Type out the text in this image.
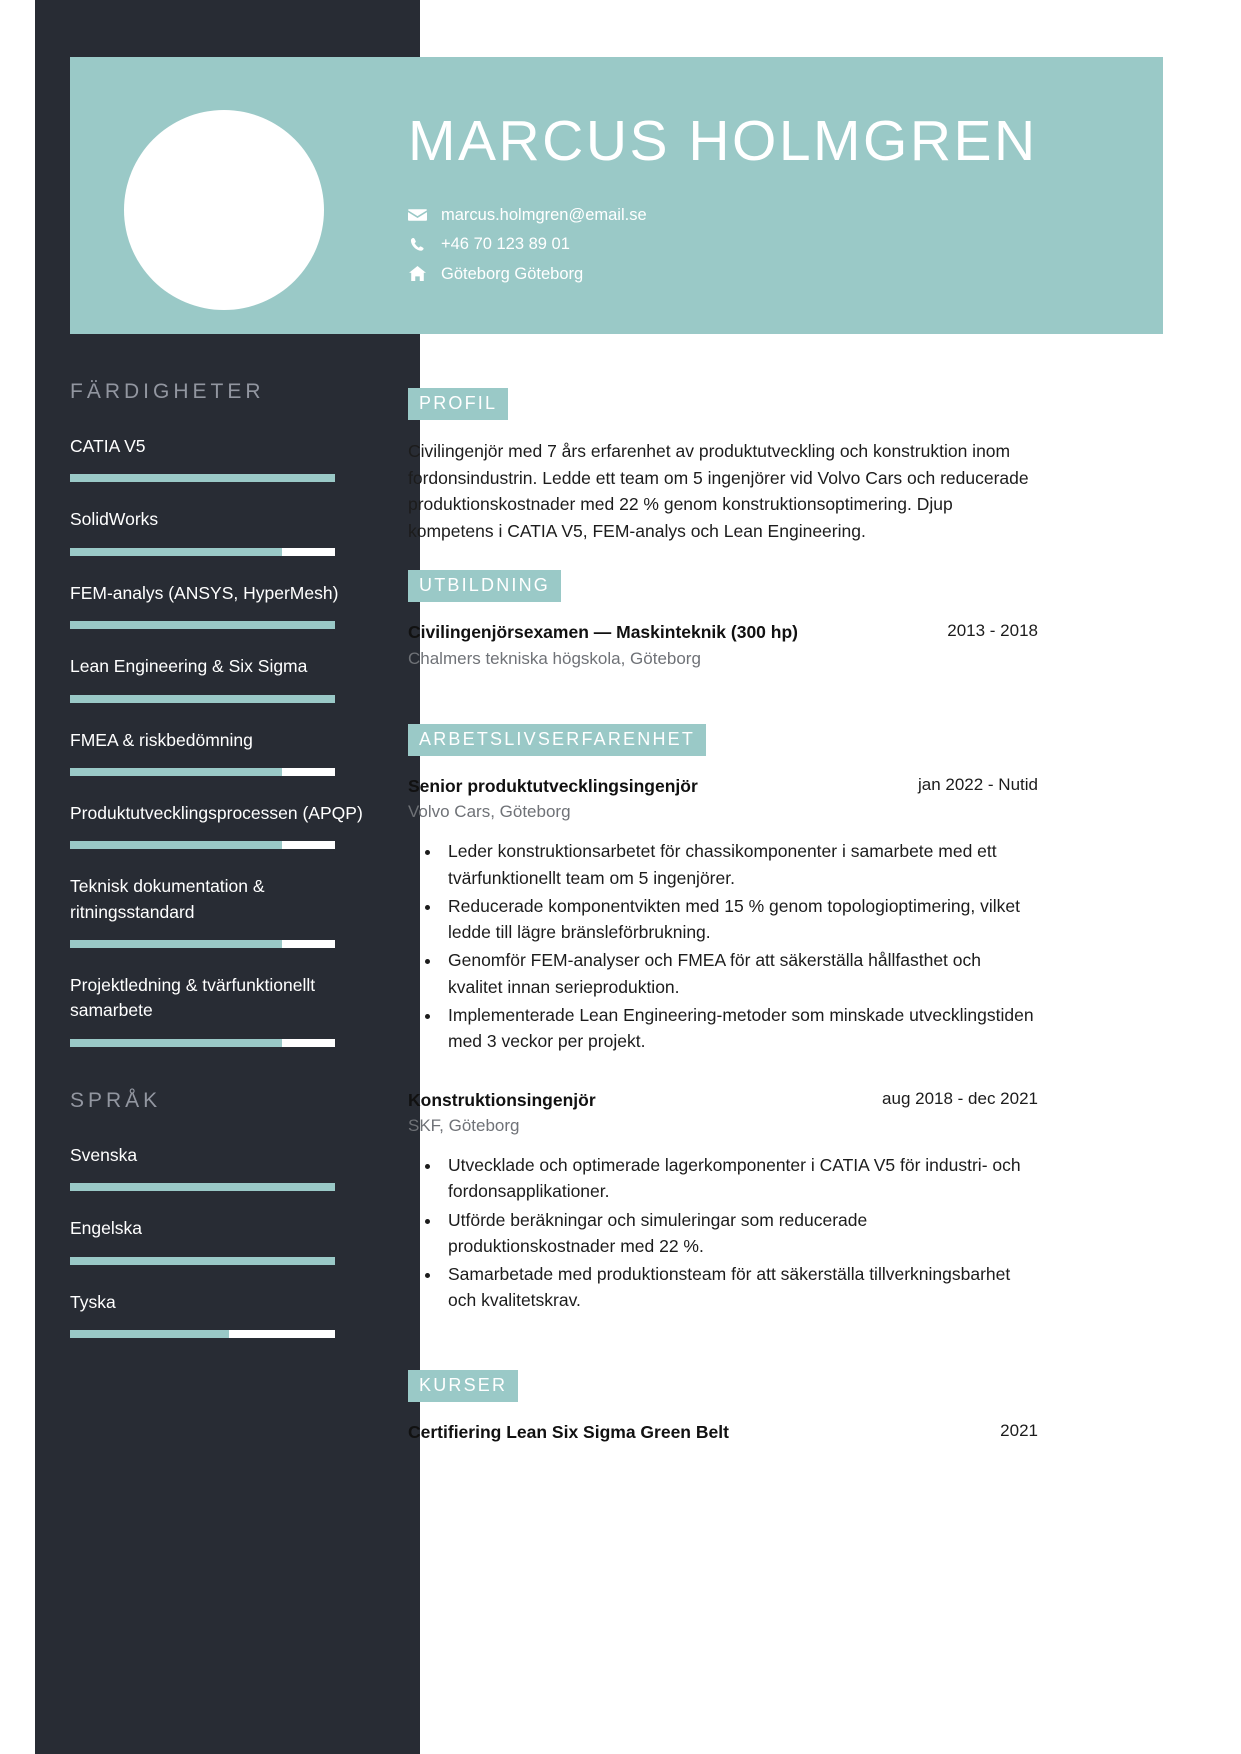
MARCUS HOLMGREN
marcus.holmgren@email.se
+46 70 123 89 01
Göteborg Göteborg
FÄRDIGHETER
CATIA V5
SolidWorks
FEM-analys (ANSYS, HyperMesh)
Lean Engineering & Six Sigma
FMEA & riskbedömning
Produktutvecklingsprocessen (APQP)
Teknisk dokumentation & ritningsstandard
Projektledning & tvärfunktionellt samarbete
SPRÅK
Svenska
Engelska
Tyska
PROFIL
Civilingenjör med 7 års erfarenhet av produktutveckling och konstruktion inom fordonsindustrin. Ledde ett team om 5 ingenjörer vid Volvo Cars och reducerade produktionskostnader med 22 % genom konstruktionsoptimering. Djup kompetens i CATIA V5, FEM-analys och Lean Engineering.
UTBILDNING
Civilingenjörsexamen — Maskinteknik (300 hp)	2013 - 2018
Chalmers tekniska högskola, Göteborg
ARBETSLIVSERFARENHET
Senior produktutvecklingsingenjör	jan 2022 - Nutid
Volvo Cars, Göteborg
• Leder konstruktionsarbetet för chassikomponenter i samarbete med ett tvärfunktionellt team om 5 ingenjörer.
• Reducerade komponentvikten med 15 % genom topologioptimering, vilket ledde till lägre bränsleförbrukning.
• Genomför FEM-analyser och FMEA för att säkerställa hållfasthet och kvalitet innan serieproduktion.
• Implementerade Lean Engineering-metoder som minskade utvecklingstiden med 3 veckor per projekt.
Konstruktionsingenjör	aug 2018 - dec 2021
SKF, Göteborg
• Utvecklade och optimerade lagerkomponenter i CATIA V5 för industri- och fordonsapplikationer.
• Utförde beräkningar och simuleringar som reducerade produktionskostnader med 22 %.
• Samarbetade med produktionsteam för att säkerställa tillverkningsbarhet och kvalitetskrav.
KURSER
Certifiering Lean Six Sigma Green Belt	2021
